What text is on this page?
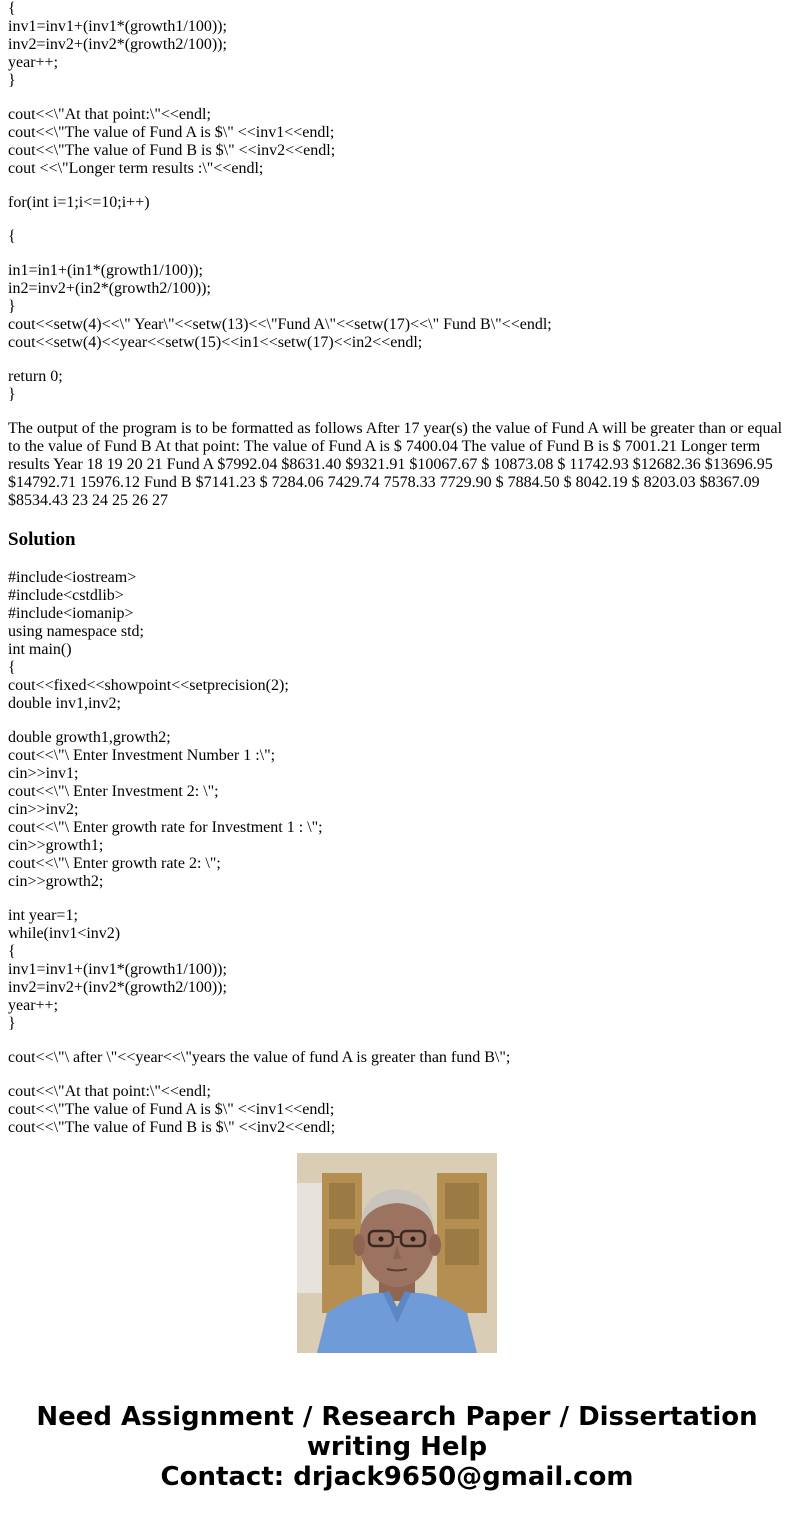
{
inv1=inv1+(inv1*(growth1/100));
inv2=inv2+(inv2*(growth2/100));
year++;
}

cout<<\"At that point:\"<<endl;
cout<<\"The value of Fund A is $\" <<inv1<<endl;
cout<<\"The value of Fund B is $\" <<inv2<<endl;
cout <<\"Longer term results :\"<<endl;

for(int i=1;i<=10;i++)

{

in1=in1+(in1*(growth1/100));
in2=inv2+(in2*(growth2/100));
}
cout<<setw(4)<<\" Year\"<<setw(13)<<\"Fund A\"<<setw(17)<<\" Fund B\"<<endl;
cout<<setw(4)<<year<<setw(15)<<in1<<setw(17)<<in2<<endl;

return 0;
}

The output of the program is to be formatted as follows After 17 year(s) the value of Fund A will be greater than or equal to the value of Fund B At that point: The value of Fund A is $ 7400.04 The value of Fund B is $ 7001.21 Longer term results Year 18 19 20 21 Fund A $7992.04 $8631.40 $9321.91 $10067.67 $ 10873.08 $ 11742.93 $12682.36 $13696.95 $14792.71 15976.12 Fund B $7141.23 $ 7284.06 7429.74 7578.33 7729.90 $ 7884.50 $ 8042.19 $ 8203.03 $8367.09 $8534.43 23 24 25 26 27

Solution

#include<iostream>
#include<cstdlib>
#include<iomanip>
using namespace std;
int main()
{
cout<<fixed<<showpoint<<setprecision(2);
double inv1,inv2;

double growth1,growth2;
cout<<\"\ Enter Investment Number 1 :\";
cin>>inv1;
cout<<\"\ Enter Investment 2: \";
cin>>inv2;
cout<<\"\ Enter growth rate for Investment 1 : \";
cin>>growth1;
cout<<\"\ Enter growth rate 2: \";
cin>>growth2;

int year=1;
while(inv1<inv2)
{
inv1=inv1+(inv1*(growth1/100));
inv2=inv2+(inv2*(growth2/100));
year++;
}

cout<<\"\ after \"<<year<<\"years the value of fund A is greater than fund B\";

cout<<\"At that point:\"<<endl;
cout<<\"The value of Fund A is $\" <<inv1<<endl;
cout<<\"The value of Fund B is $\" <<inv2<<endl;

Need Assignment / Research Paper / Dissertation
writing Help
Contact: drjack9650@gmail.com
